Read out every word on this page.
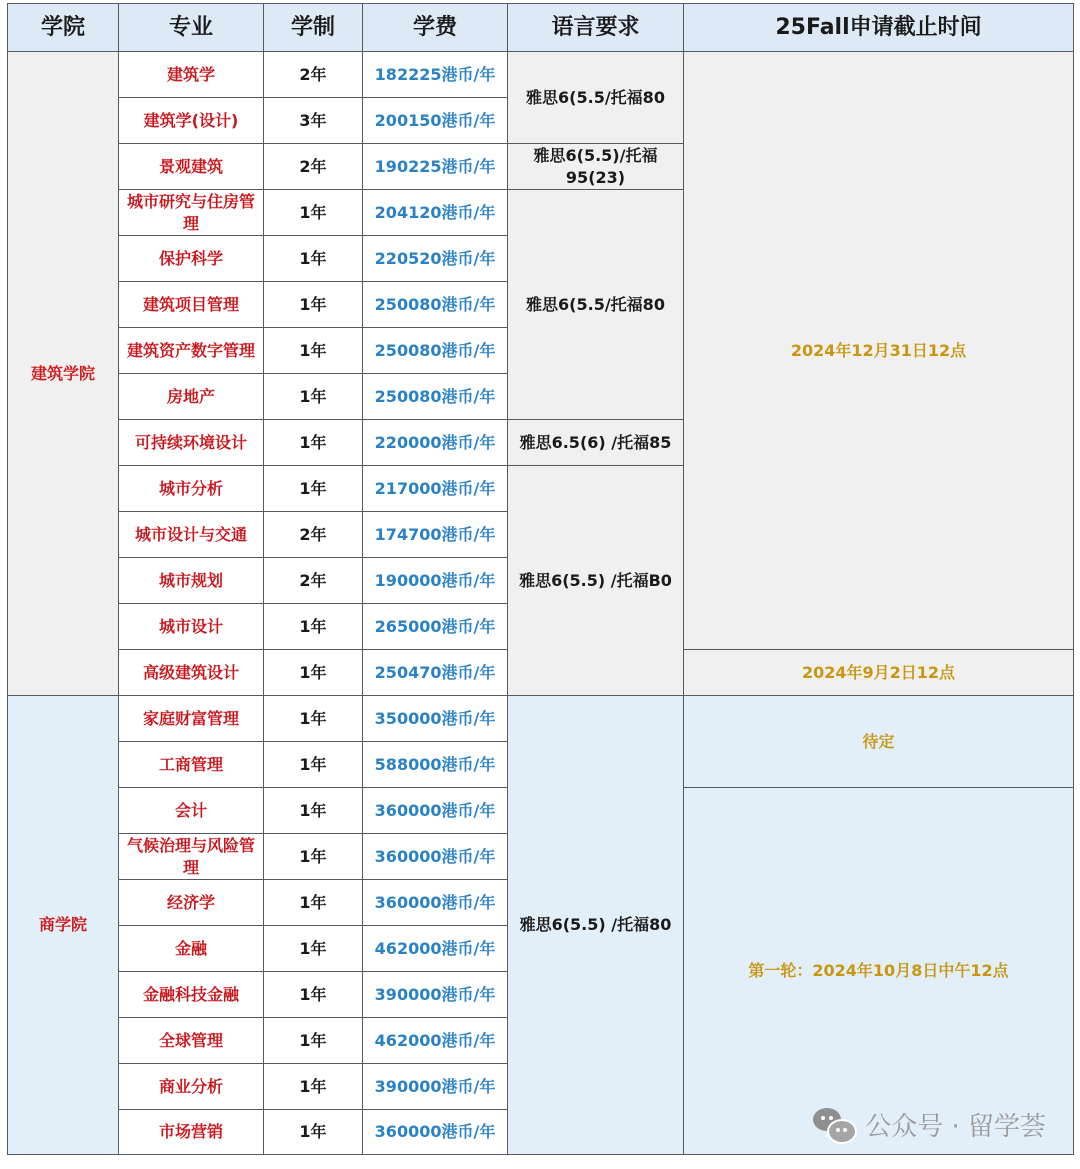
学院	专业	学制	学费	语言要求	25Fall申请截止时间
建筑学院	建筑学	2年	182225港币/年	雅思6(5.5/托福80	2024年12月31日12点
	建筑学(设计)	3年	200150港币/年		
	景观建筑	2年	190225港币/年	雅思6(5.5)/托福95(23)	
	城市研究与住房管理	1年	204120港币/年	雅思6(5.5/托福80	
	保护科学	1年	220520港币/年		
	建筑项目管理	1年	250080港币/年		
	建筑资产数字管理	1年	250080港币/年		
	房地产	1年	250080港币/年		
	可持续环境设计	1年	220000港币/年	雅思6.5(6) /托福85	
	城市分析	1年	217000港币/年	雅思6(5.5) /托福B0	
	城市设计与交通	2年	174700港币/年		
	城市规划	2年	190000港币/年		
	城市设计	1年	265000港币/年		
	高级建筑设计	1年	250470港币/年		2024年9月2日12点
商学院	家庭财富管理	1年	350000港币/年	雅思6(5.5) /托福80	待定
	工商管理	1年	588000港币/年		
	会计	1年	360000港币/年		第一轮：2024年10月8日中午12点
	气候治理与风险管理	1年	360000港币/年		
	经济学	1年	360000港币/年		
	金融	1年	462000港币/年		
	金融科技金融	1年	390000港币/年		
	全球管理	1年	462000港币/年		
	商业分析	1年	390000港币/年		
	市场营销	1年	360000港币/年			公众号 · 留学荟
